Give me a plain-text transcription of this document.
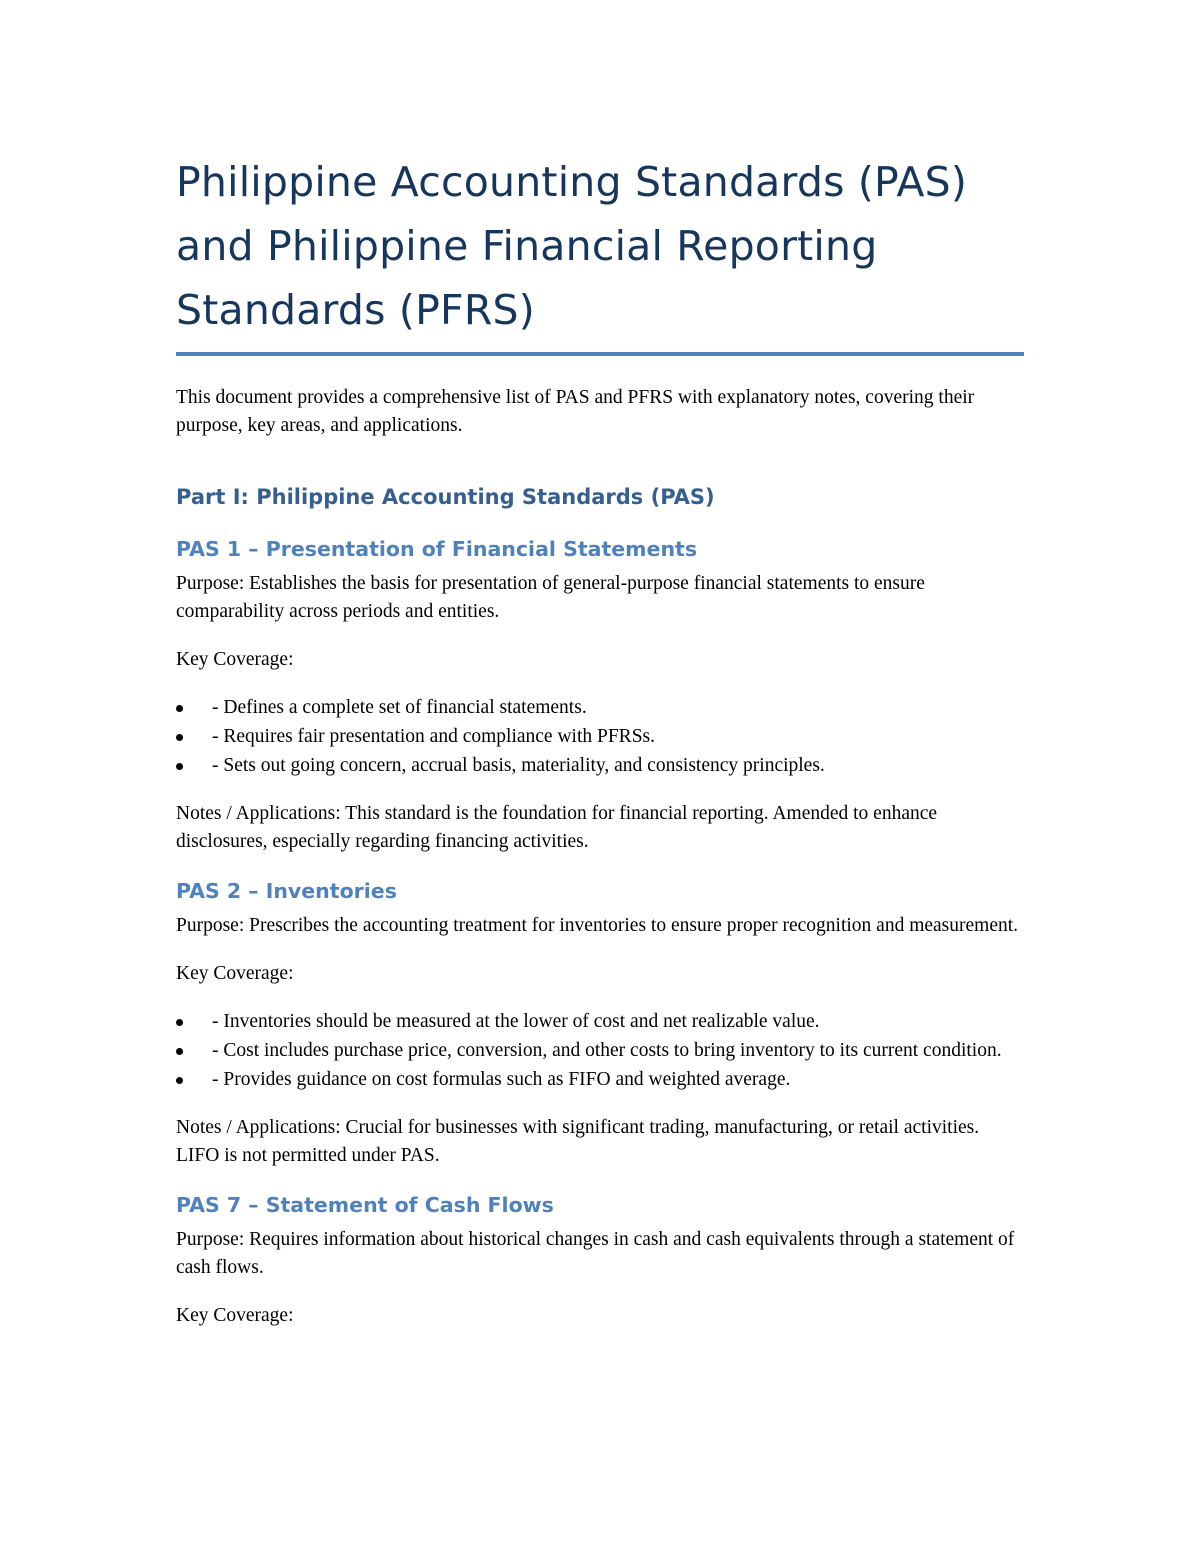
Philippine Accounting Standards (PAS)
and Philippine Financial Reporting
Standards (PFRS)

This document provides a comprehensive list of PAS and PFRS with explanatory notes, covering their purpose, key areas, and applications.

Part I: Philippine Accounting Standards (PAS)
PAS 1 – Presentation of Financial Statements

Purpose: Establishes the basis for presentation of general-purpose financial statements to ensure comparability across periods and entities.

Key Coverage:

- Defines a complete set of financial statements.
- Requires fair presentation and compliance with PFRSs.
- Sets out going concern, accrual basis, materiality, and consistency principles.

Notes / Applications: This standard is the foundation for financial reporting. Amended to enhance disclosures, especially regarding financing activities.

PAS 2 – Inventories

Purpose: Prescribes the accounting treatment for inventories to ensure proper recognition and measurement.

Key Coverage:

- Inventories should be measured at the lower of cost and net realizable value.
- Cost includes purchase price, conversion, and other costs to bring inventory to its current condition.
- Provides guidance on cost formulas such as FIFO and weighted average.

Notes / Applications: Crucial for businesses with significant trading, manufacturing, or retail activities. LIFO is not permitted under PAS.

PAS 7 – Statement of Cash Flows

Purpose: Requires information about historical changes in cash and cash equivalents through a statement of cash flows.

Key Coverage:
